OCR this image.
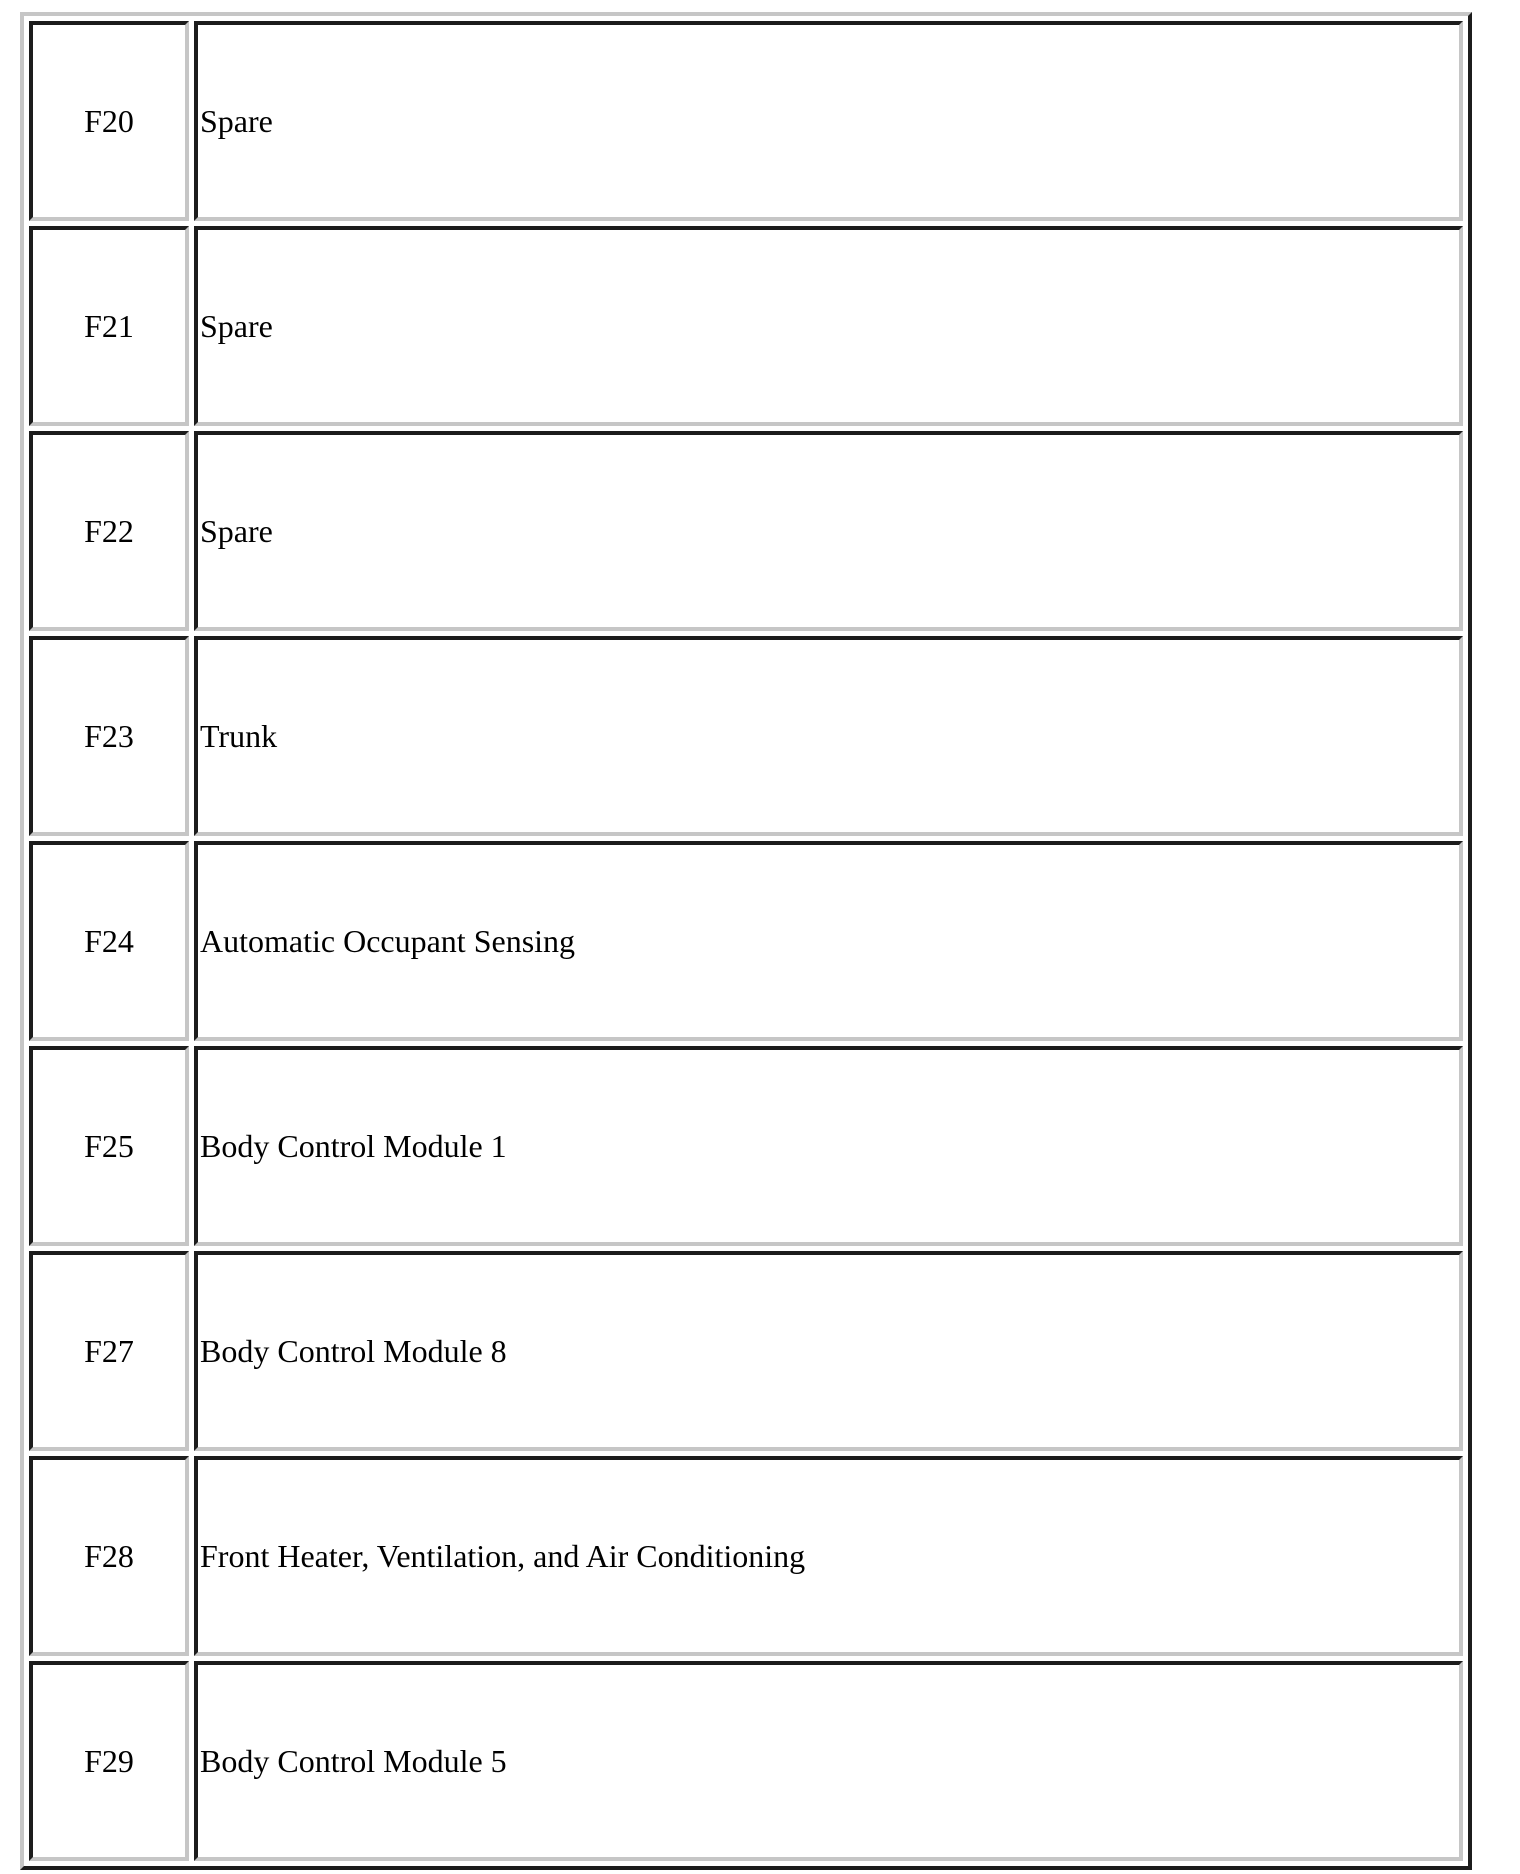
F20	Spare
F21	Spare
F22	Spare
F23	Trunk
F24	Automatic Occupant Sensing
F25	Body Control Module 1
F27	Body Control Module 8
F28	Front Heater, Ventilation, and Air Conditioning
F29	Body Control Module 5
